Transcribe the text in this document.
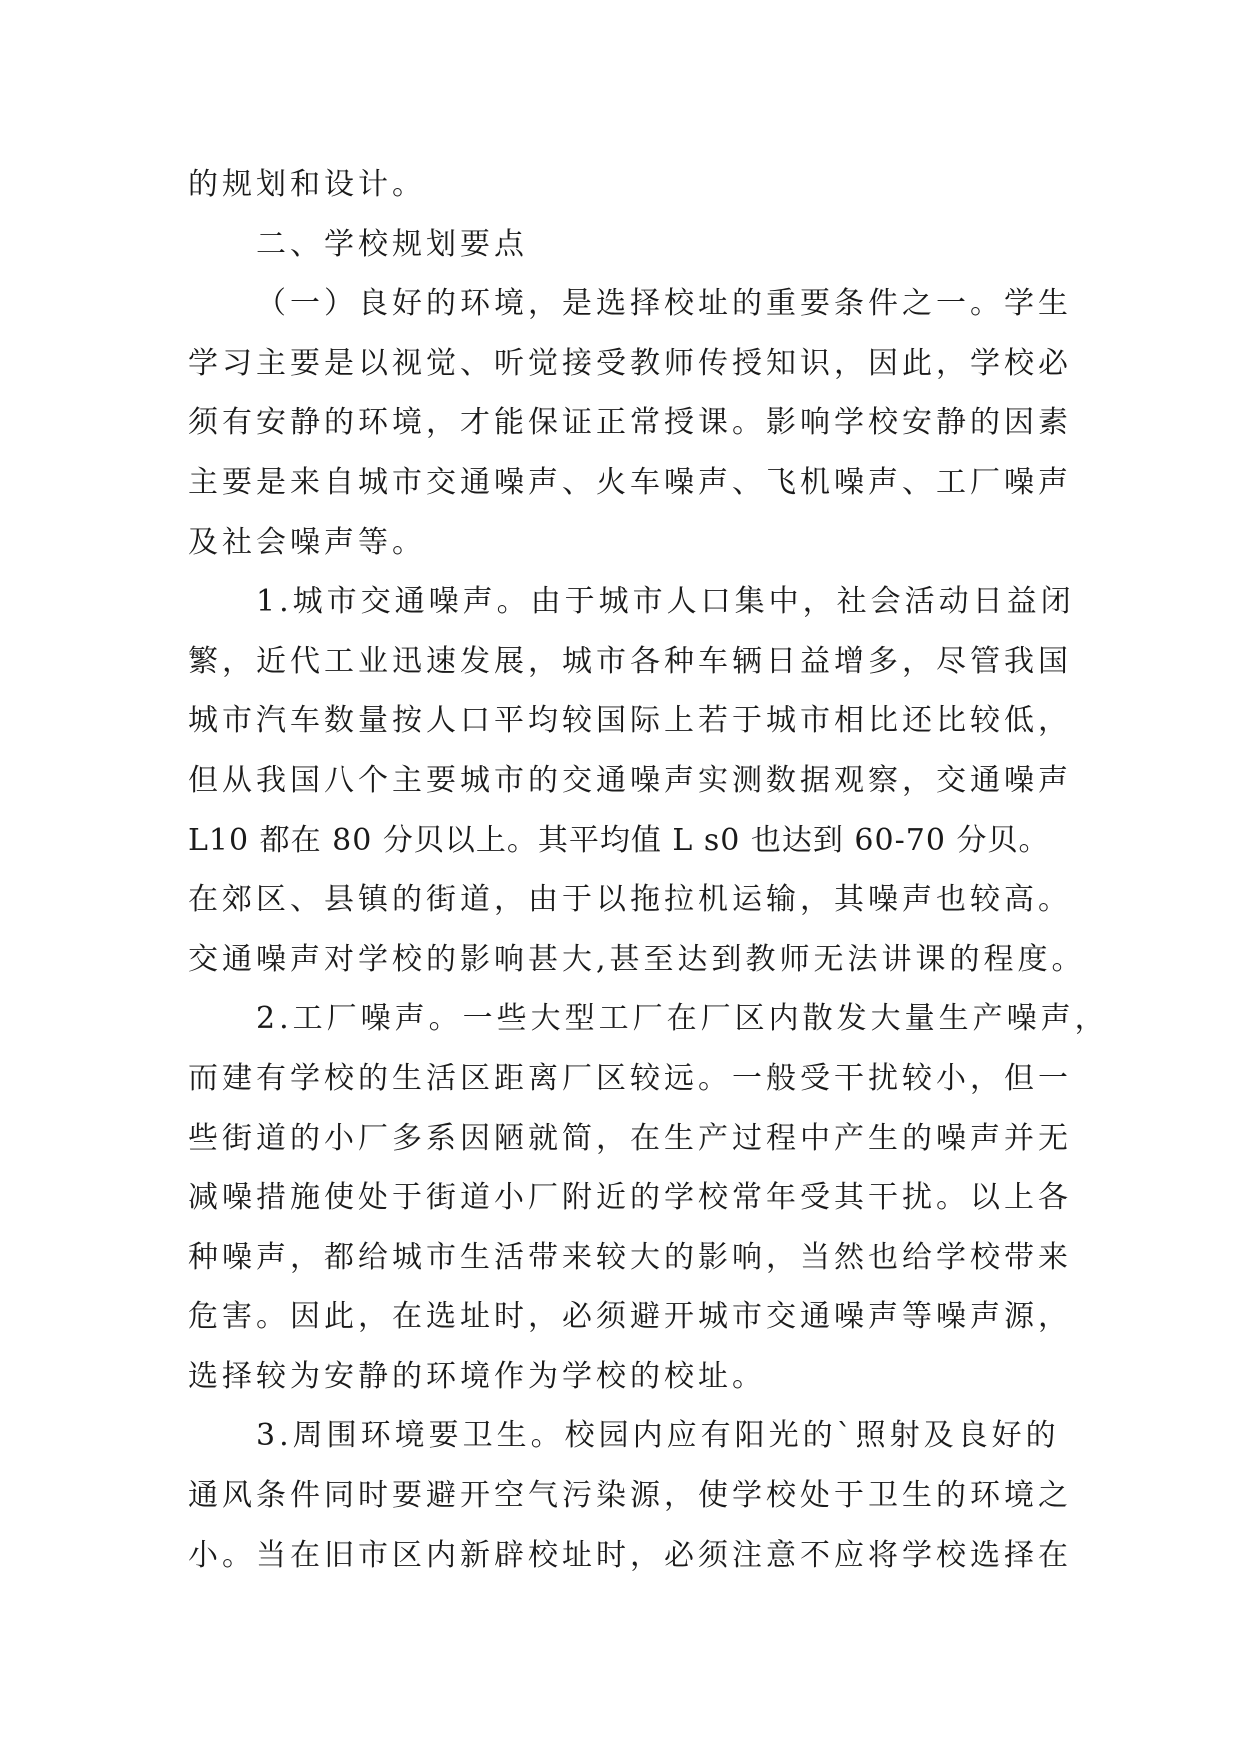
的规划和设计。
二、学校规划要点
（一）良好的环境，是选择校址的重要条件之一。学生
学习主要是以视觉、听觉接受教师传授知识，因此，学校必
须有安静的环境，才能保证正常授课。影响学校安静的因素
主要是来自城市交通噪声、火车噪声、飞机噪声、工厂噪声
及社会噪声等。
1.城市交通噪声。由于城市人口集中，社会活动日益闭
繁，近代工业迅速发展，城市各种车辆日益增多，尽管我国
城市汽车数量按人口平均较国际上若于城市相比还比较低，
但从我国八个主要城市的交通噪声实测数据观察，交通噪声
L10 都在 80 分贝以上。其平均值 L s0 也达到 60-70 分贝。
在郊区、县镇的街道，由于以拖拉机运输，其噪声也较高。
交通噪声对学校的影响甚大,甚至达到教师无法讲课的程度。
2.工厂噪声。一些大型工厂在厂区内散发大量生产噪声，
而建有学校的生活区距离厂区较远。一般受干扰较小，但一
些街道的小厂多系因陋就简，在生产过程中产生的噪声并无
减噪措施使处于街道小厂附近的学校常年受其干扰。以上各
种噪声，都给城市生活带来较大的影响，当然也给学校带来
危害。因此，在选址时，必须避开城市交通噪声等噪声源，
选择较为安静的环境作为学校的校址。
3.周围环境要卫生。校园内应有阳光的`照射及良好的
通风条件同时要避开空气污染源，使学校处于卫生的环境之
小。当在旧市区内新辟校址时，必须注意不应将学校选择在
